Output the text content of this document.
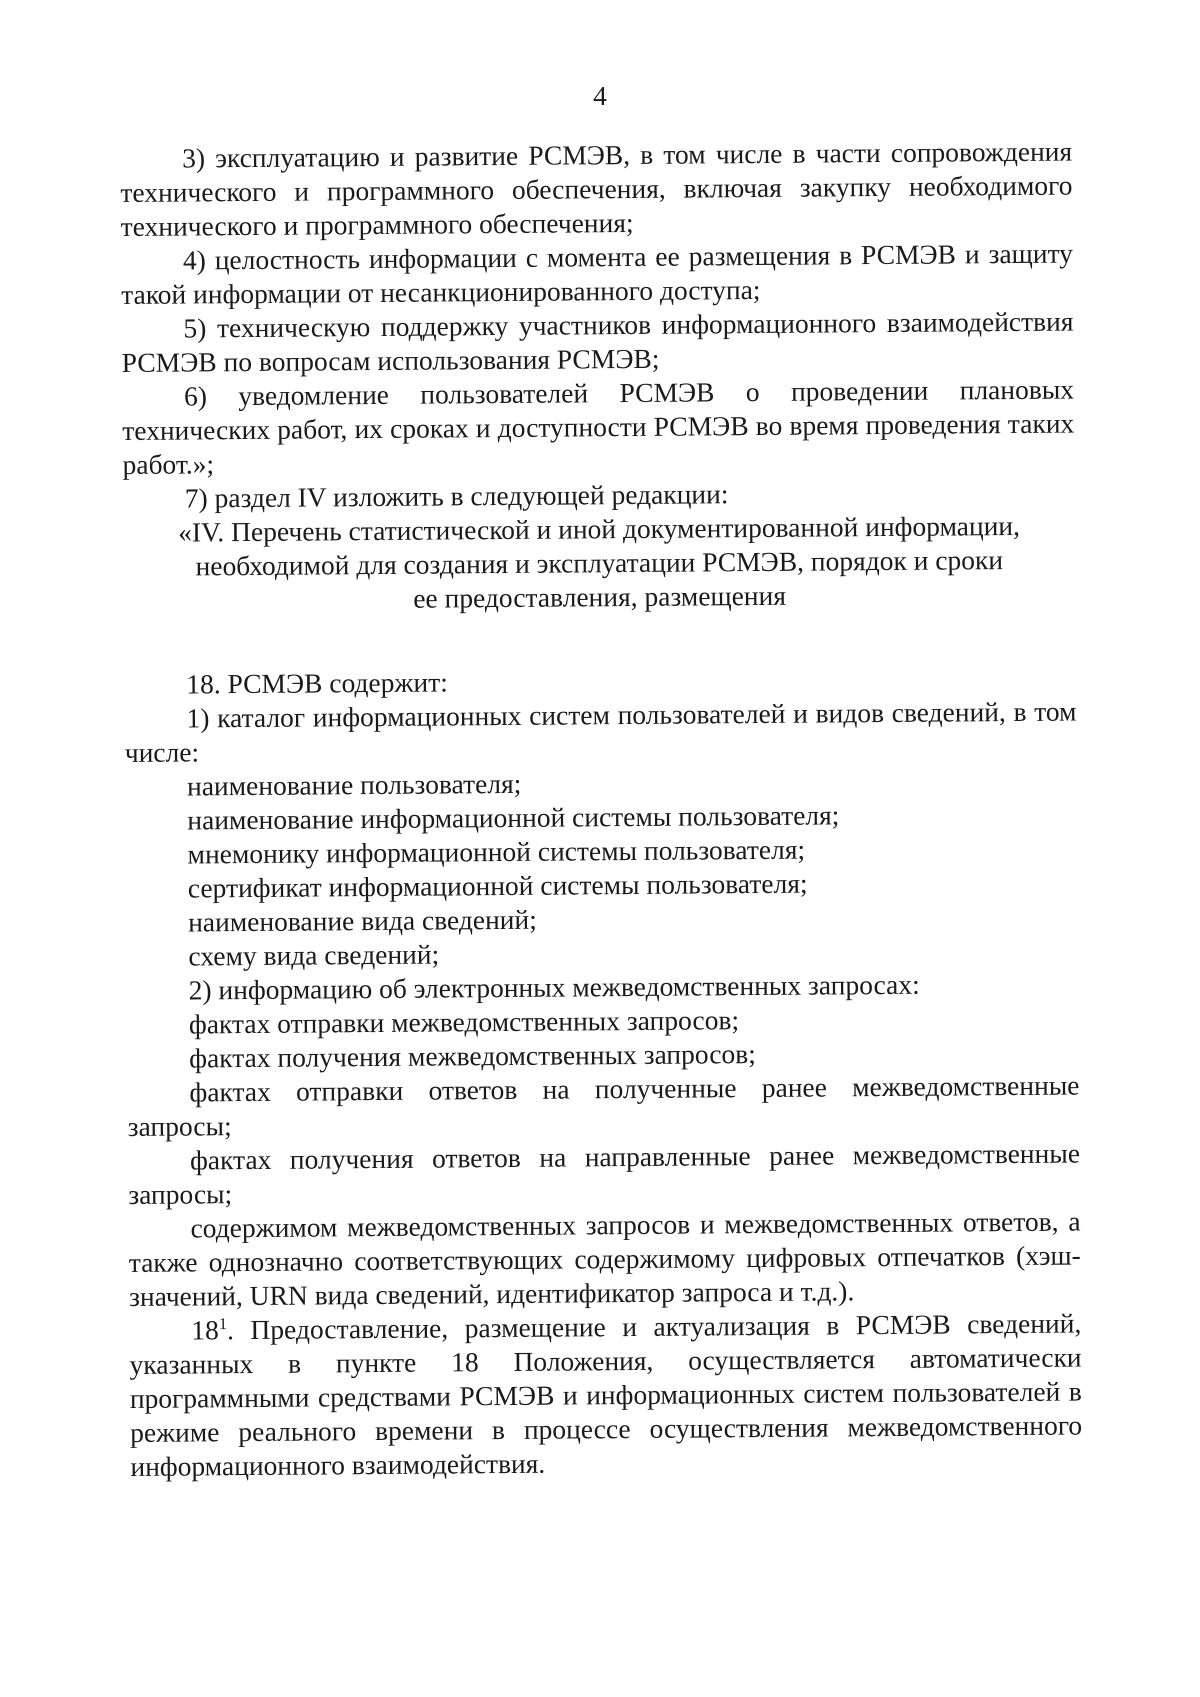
4

3) эксплуатацию и развитие РСМЭВ, в том числе в части сопровождения технического и программного обеспечения, включая закупку необходимого технического и программного обеспечения;

4) целостность информации с момента ее размещения в РСМЭВ и защиту такой информации от несанкционированного доступа;

5) техническую поддержку участников информационного взаимодействия РСМЭВ по вопросам использования РСМЭВ;

6) уведомление пользователей РСМЭВ о проведении плановых технических работ, их сроках и доступности РСМЭВ во время проведения таких работ.»;

7) раздел IV изложить в следующей редакции:

«IV. Перечень статистической и иной документированной информации,

необходимой для создания и эксплуатации РСМЭВ, порядок и сроки

ее предоставления, размещения

18. РСМЭВ содержит:

1) каталог информационных систем пользователей и видов сведений, в том числе:

наименование пользователя;

наименование информационной системы пользователя;

мнемонику информационной системы пользователя;

сертификат информационной системы пользователя;

наименование вида сведений;

схему вида сведений;

2) информацию об электронных межведомственных запросах:

фактах отправки межведомственных запросов;

фактах получения межведомственных запросов;

фактах отправки ответов на полученные ранее межведомственные запросы;

фактах получения ответов на направленные ранее межведомственные запросы;

содержимом межведомственных запросов и межведомственных ответов, а также однозначно соответствующих содержимому цифровых отпечатков (хэш-значений, URN вида сведений, идентификатор запроса и т.д.).

$18^1$. Предоставление, размещение и актуализация в РСМЭВ сведений, указанных в пункте 18 Положения, осуществляется автоматически программными средствами РСМЭВ и информационных систем пользователей в режиме реального времени в процессе осуществления межведомственного информационного взаимодействия.
